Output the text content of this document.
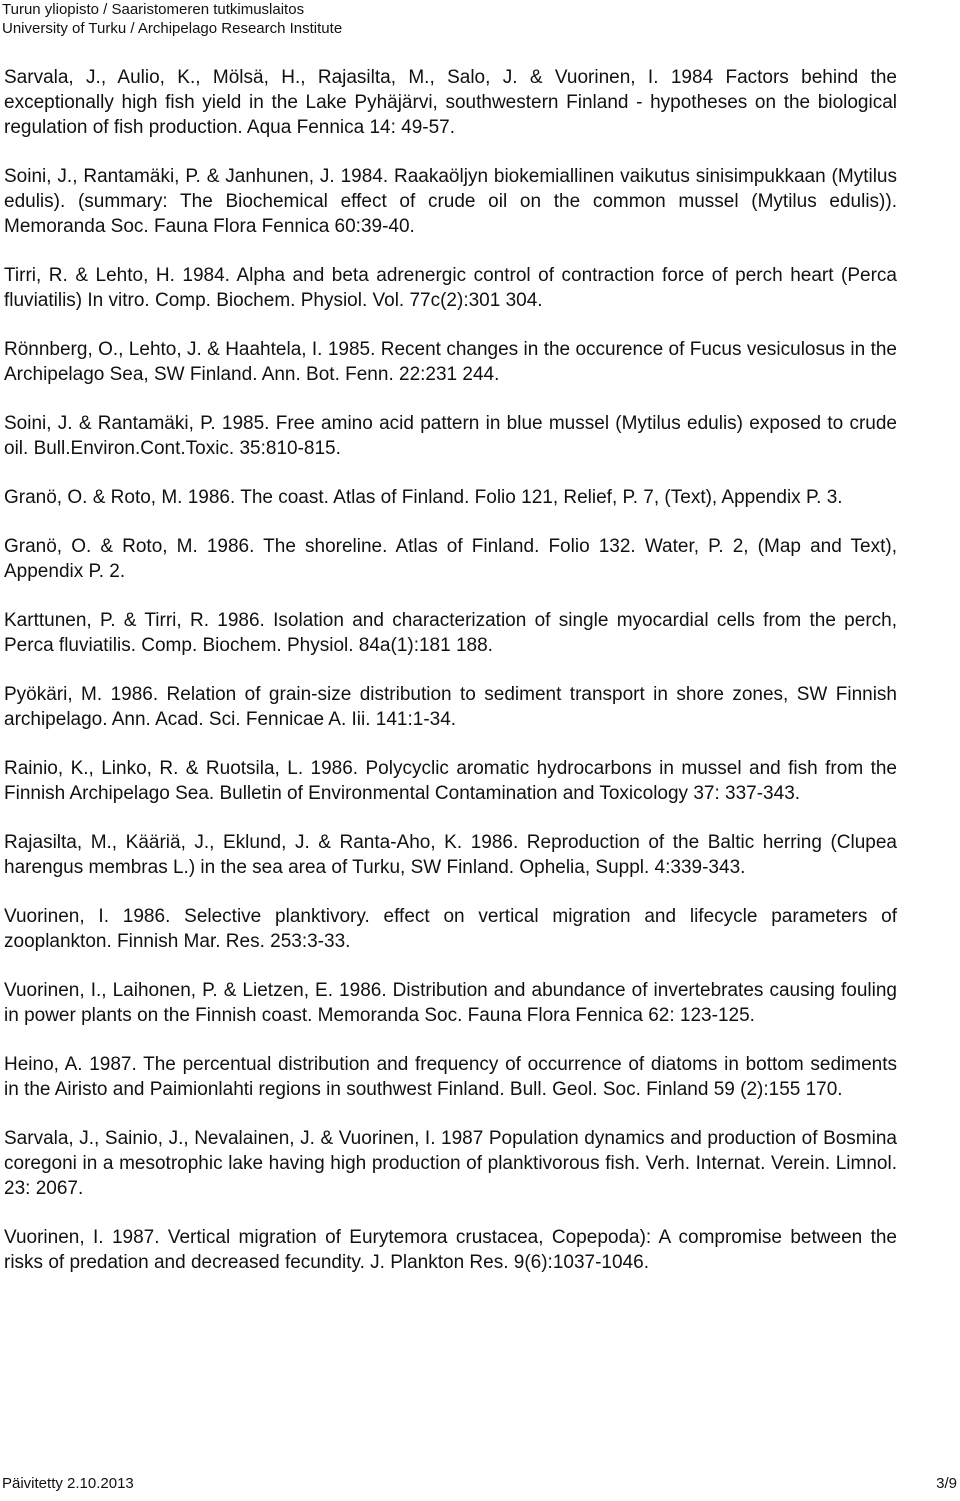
Turun yliopisto / Saaristomeren tutkimuslaitos
University of Turku / Archipelago Research Institute

Sarvala, J., Aulio, K., Mölsä, H., Rajasilta, M., Salo, J. & Vuorinen, I. 1984 Factors behind the exceptionally high fish yield in the Lake Pyhäjärvi, southwestern Finland - hypotheses on the biological regulation of fish production. Aqua Fennica 14: 49-57.

Soini, J., Rantamäki, P. & Janhunen, J. 1984. Raakaöljyn biokemiallinen vaikutus sinisimpukkaan (Mytilus edulis). (summary: The Biochemical effect of crude oil on the common mussel (Mytilus edulis)). Memoranda Soc. Fauna Flora Fennica 60:39-40.

Tirri, R. & Lehto, H. 1984. Alpha and beta adrenergic control of contraction force of perch heart (Perca fluviatilis) In vitro. Comp. Biochem. Physiol. Vol. 77c(2):301 304.

Rönnberg, O., Lehto, J. & Haahtela, I. 1985. Recent changes in the occurence of Fucus vesiculosus in the Archipelago Sea, SW Finland. Ann. Bot. Fenn. 22:231 244.

Soini, J. & Rantamäki, P. 1985. Free amino acid pattern in blue mussel (Mytilus edulis) exposed to crude oil. Bull.Environ.Cont.Toxic. 35:810-815.

Granö, O. & Roto, M. 1986. The coast. Atlas of Finland. Folio 121, Relief, P. 7, (Text), Appendix P. 3.

Granö, O. & Roto, M. 1986. The shoreline. Atlas of Finland. Folio 132. Water, P. 2, (Map and Text), Appendix P. 2.

Karttunen, P. & Tirri, R. 1986. Isolation and characterization of single myocardial cells from the perch, Perca fluviatilis. Comp. Biochem. Physiol. 84a(1):181 188.

Pyökäri, M. 1986. Relation of grain-size distribution to sediment transport in shore zones, SW Finnish archipelago. Ann. Acad. Sci. Fennicae A. Iii. 141:1-34.

Rainio, K., Linko, R. & Ruotsila, L. 1986. Polycyclic aromatic hydrocarbons in mussel and fish from the Finnish Archipelago Sea. Bulletin of Environmental Contamination and Toxicology 37: 337-343.

Rajasilta, M., Kääriä, J., Eklund, J. & Ranta-Aho, K. 1986. Reproduction of the Baltic herring (Clupea harengus membras L.) in the sea area of Turku, SW Finland. Ophelia, Suppl. 4:339-343.

Vuorinen, I. 1986. Selective planktivory. effect on vertical migration and lifecycle parameters of zooplankton. Finnish Mar. Res. 253:3-33.

Vuorinen, I., Laihonen, P. & Lietzen, E. 1986. Distribution and abundance of invertebrates causing fouling in power plants on the Finnish coast. Memoranda Soc. Fauna Flora Fennica 62: 123-125.

Heino, A. 1987. The percentual distribution and frequency of occurrence of diatoms in bottom sediments in the Airisto and Paimionlahti regions in southwest Finland. Bull. Geol. Soc. Finland 59 (2):155 170.

Sarvala, J., Sainio, J., Nevalainen, J. & Vuorinen, I. 1987 Population dynamics and production of Bosmina coregoni in a mesotrophic lake having high production of planktivorous fish. Verh. Internat. Verein. Limnol. 23: 2067.

Vuorinen, I. 1987. Vertical migration of Eurytemora crustacea, Copepoda): A compromise between the risks of predation and decreased fecundity. J. Plankton Res. 9(6):1037-1046.

Päivitetty 2.10.2013	3/9
